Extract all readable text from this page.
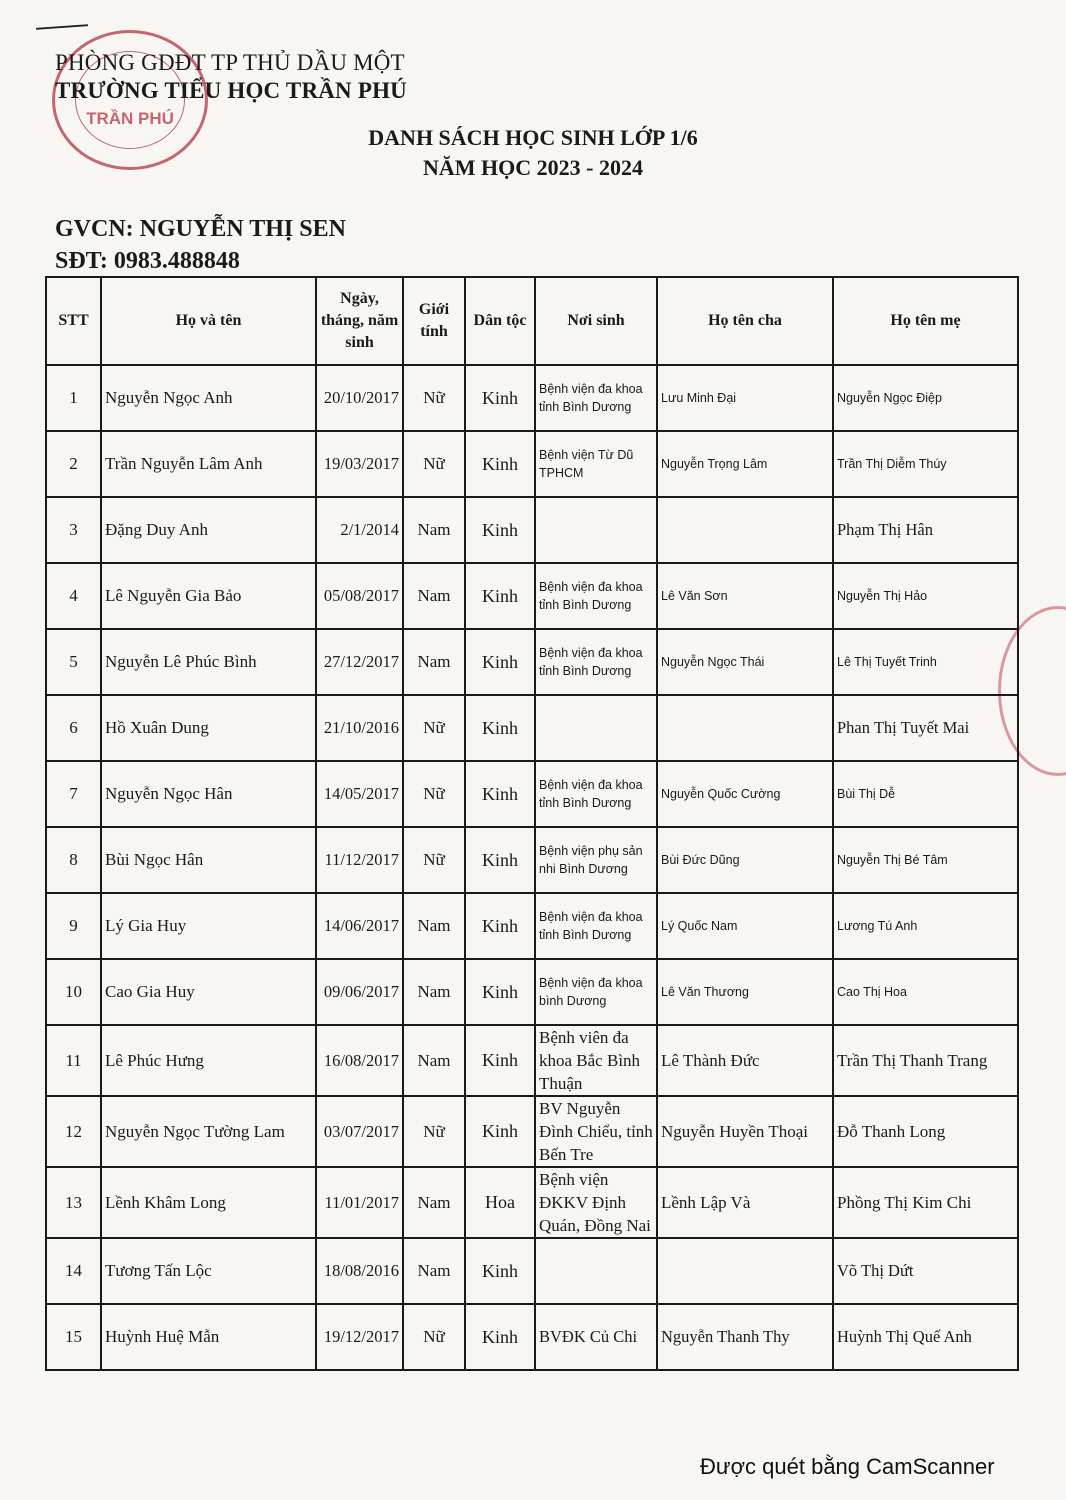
TRẦN PHÚ
PHÒNG GDĐT TP THỦ DẦU MỘT
TRƯỜNG TIỂU HỌC TRẦN PHÚ
DANH SÁCH HỌC SINH LỚP 1/6
NĂM HỌC 2023 - 2024
GVCN: NGUYỄN THỊ SEN
SĐT: 0983.488848
STT	Họ và tên	Ngày, tháng, năm sinh	Giới tính	Dân tộc	Nơi sinh	Họ tên cha	Họ tên mẹ
1	Nguyễn Ngọc Anh	20/10/2017	Nữ	Kinh	Bệnh viện đa khoa tỉnh Bình Dương	Lưu Minh Đại	Nguyễn Ngọc Điệp
2	Trần Nguyễn Lâm Anh	19/03/2017	Nữ	Kinh	Bệnh viện Từ Dũ TPHCM	Nguyễn Trọng Lâm	Trần Thị Diễm Thúy
3	Đặng Duy Anh	2/1/2014	Nam	Kinh			Phạm Thị Hân
4	Lê Nguyễn Gia Bảo	05/08/2017	Nam	Kinh	Bệnh viện đa khoa tỉnh Bình Dương	Lê Văn Sơn	Nguyễn Thị Hảo
5	Nguyễn Lê Phúc Bình	27/12/2017	Nam	Kinh	Bệnh viện đa khoa tỉnh Bình Dương	Nguyễn Ngọc Thái	Lê Thị Tuyết Trinh
6	Hồ Xuân Dung	21/10/2016	Nữ	Kinh			Phan Thị Tuyết Mai
7	Nguyễn Ngọc Hân	14/05/2017	Nữ	Kinh	Bệnh viện đa khoa tỉnh Bình Dương	Nguyễn Quốc Cường	Bùi Thị Dễ
8	Bùi Ngọc Hân	11/12/2017	Nữ	Kinh	Bệnh viện phụ sản nhi Bình Dương	Bùi Đức Dũng	Nguyễn Thị Bé Tâm
9	Lý Gia Huy	14/06/2017	Nam	Kinh	Bệnh viện đa khoa tỉnh Bình Dương	Lý Quốc Nam	Lương Tú Anh
10	Cao Gia Huy	09/06/2017	Nam	Kinh	Bệnh viện đa khoa bình Dương	Lê Văn Thương	Cao Thị Hoa
11	Lê Phúc Hưng	16/08/2017	Nam	Kinh	Bệnh viên đa khoa Bắc Bình Thuận	Lê Thành Đức	Trần Thị Thanh Trang
12	Nguyễn Ngọc Tường Lam	03/07/2017	Nữ	Kinh	BV Nguyễn Đình Chiểu, tỉnh Bến Tre	Nguyễn Huyền Thoại	Đỗ Thanh Long
13	Lềnh Khâm Long	11/01/2017	Nam	Hoa	Bệnh viện ĐKKV Định Quán, Đồng Nai	Lềnh Lập Và	Phồng Thị Kim Chi
14	Tương Tấn Lộc	18/08/2016	Nam	Kinh			Võ Thị Dứt
15	Huỳnh Huệ Mẫn	19/12/2017	Nữ	Kinh	BVĐK Củ Chi	Nguyễn Thanh Thy	Huỳnh Thị Quế Anh
Được quét bằng CamScanner
